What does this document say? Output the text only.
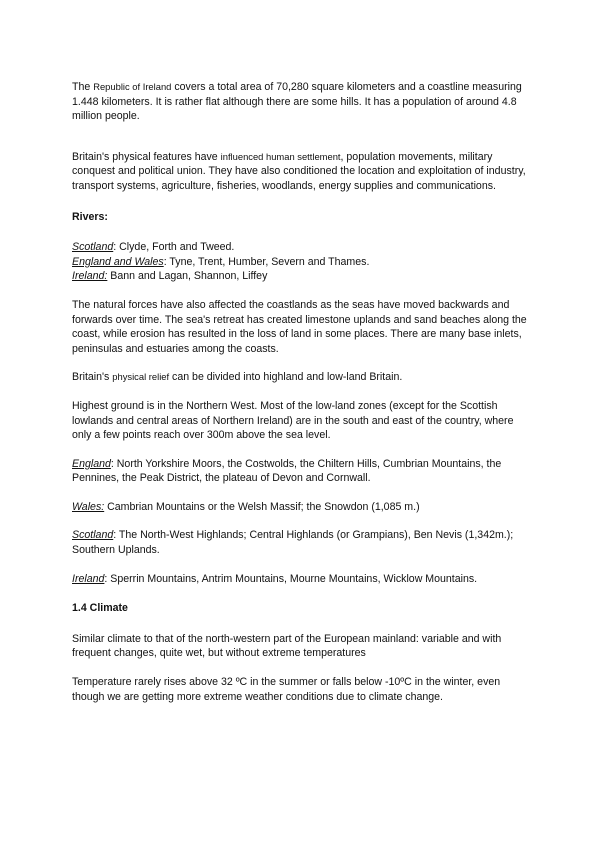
The Republic of Ireland covers a total area of 70,280 square kilometers and a coastline measuring 1.448 kilometers. It is rather flat although there are some hills. It has a population of around 4.8 million people.

Britain's physical features have influenced human settlement, population movements, military conquest and political union. They have also conditioned the location and exploitation of industry, transport systems, agriculture, fisheries, woodlands, energy supplies and communications.

Rivers:

Scotland: Clyde, Forth and Tweed.

England and Wales: Tyne, Trent, Humber, Severn and Thames.

Ireland: Bann and Lagan, Shannon, Liffey

The natural forces have also affected the coastlands as the seas have moved backwards and forwards over time. The sea's retreat has created limestone uplands and sand beaches along the coast, while erosion has resulted in the loss of land in some places. There are many base inlets, peninsulas and estuaries among the coasts.

Britain's physical relief can be divided into highland and low-land Britain.

Highest ground is in the Northern West. Most of the low-land zones (except for the Scottish lowlands and central areas of Northern Ireland) are in the south and east of the country, where only a few points reach over 300m above the sea level.

England: North Yorkshire Moors, the Costwolds, the Chiltern Hills, Cumbrian Mountains, the Pennines, the Peak District, the plateau of Devon and Cornwall.

Wales: Cambrian Mountains or the Welsh Massif; the Snowdon (1,085 m.)

Scotland: The North-West Highlands; Central Highlands (or Grampians), Ben Nevis (1,342m.); Southern Uplands.

Ireland: Sperrin Mountains, Antrim Mountains, Mourne Mountains, Wicklow Mountains.

1.4 Climate

Similar climate to that of the north-western part of the European mainland: variable and with frequent changes, quite wet, but without extreme temperatures

Temperature rarely rises above 32 ºC in the summer or falls below -10ºC in the winter, even though we are getting more extreme weather conditions due to climate change.
